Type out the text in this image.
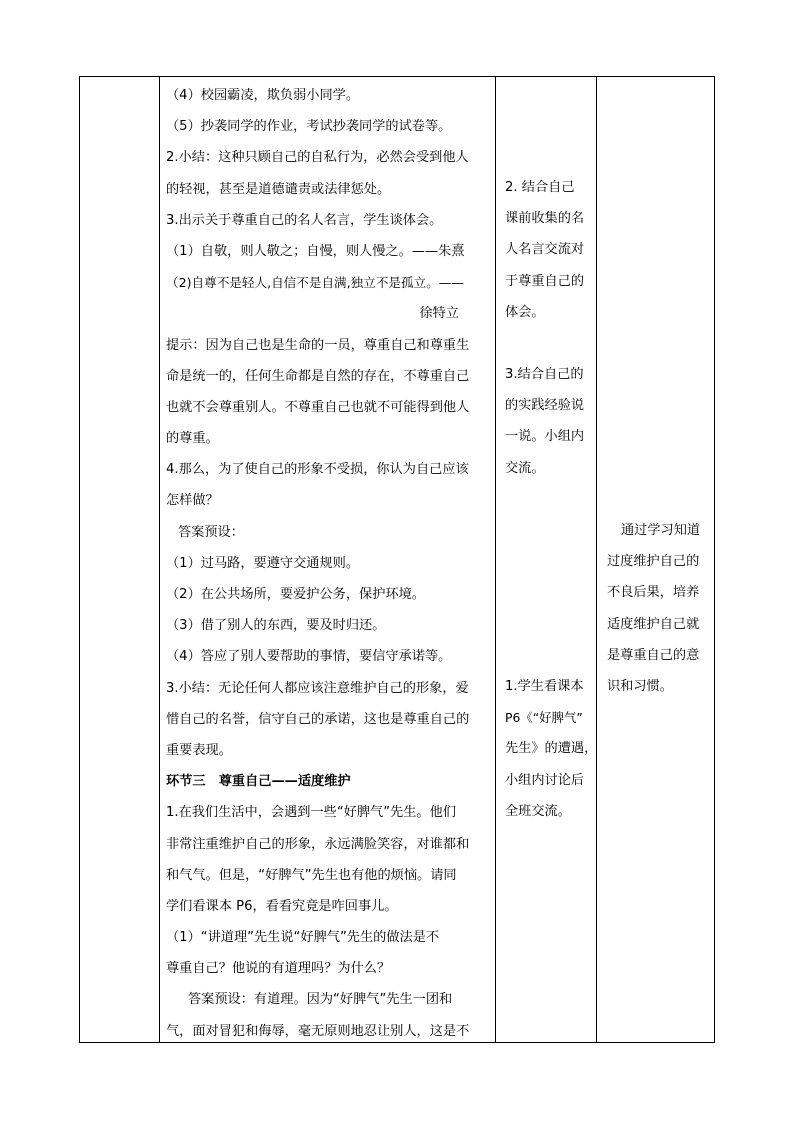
（4）校园霸凌，欺负弱小同学。
（5）抄袭同学的作业，考试抄袭同学的试卷等。
2.小结：这种只顾自己的自私行为，必然会受到他人
的轻视，甚至是道德谴责或法律惩处。
3.出示关于尊重自己的名人名言，学生谈体会。
（1）自敬，则人敬之；自慢，则人慢之。——朱熹
（2)自尊不是轻人,自信不是自满,独立不是孤立。——
徐特立
提示：因为自己也是生命的一员，尊重自己和尊重生
命是统一的，任何生命都是自然的存在，不尊重自己
也就不会尊重别人。不尊重自己也就不可能得到他人
的尊重。
4.那么，为了使自己的形象不受损，你认为自己应该
怎样做？
答案预设：
（1）过马路，要遵守交通规则。
（2）在公共场所，要爱护公务，保护环境。
（3）借了别人的东西，要及时归还。
（4）答应了别人要帮助的事情，要信守承诺等。
3.小结：无论任何人都应该注意维护自己的形象，爱
惜自己的名誉，信守自己的承诺，这也是尊重自己的
重要表现。
环节三　尊重自己——适度维护
1.在我们生活中，会遇到一些“好脾气”先生。他们
非常注重维护自己的形象，永远满脸笑容，对谁都和
和气气。但是，“好脾气”先生也有他的烦恼。请同
学们看课本 P6，看看究竟是咋回事儿。
（1）“讲道理”先生说“好脾气”先生的做法是不
尊重自己？他说的有道理吗？为什么？
答案预设：有道理。因为“好脾气”先生一团和
气，面对冒犯和侮辱，毫无原则地忍让别人，这是不
2. 结合自己
课前收集的名
人名言交流对
于尊重自己的
体会。
3.结合自己的
的实践经验说
一说。小组内
交流。
1.学生看课本
P6《“好脾气”
先生》的遭遇，
小组内讨论后
全班交流。
通过学习知道
过度维护自己的
不良后果，培养
适度维护自己就
是尊重自己的意
识和习惯。
